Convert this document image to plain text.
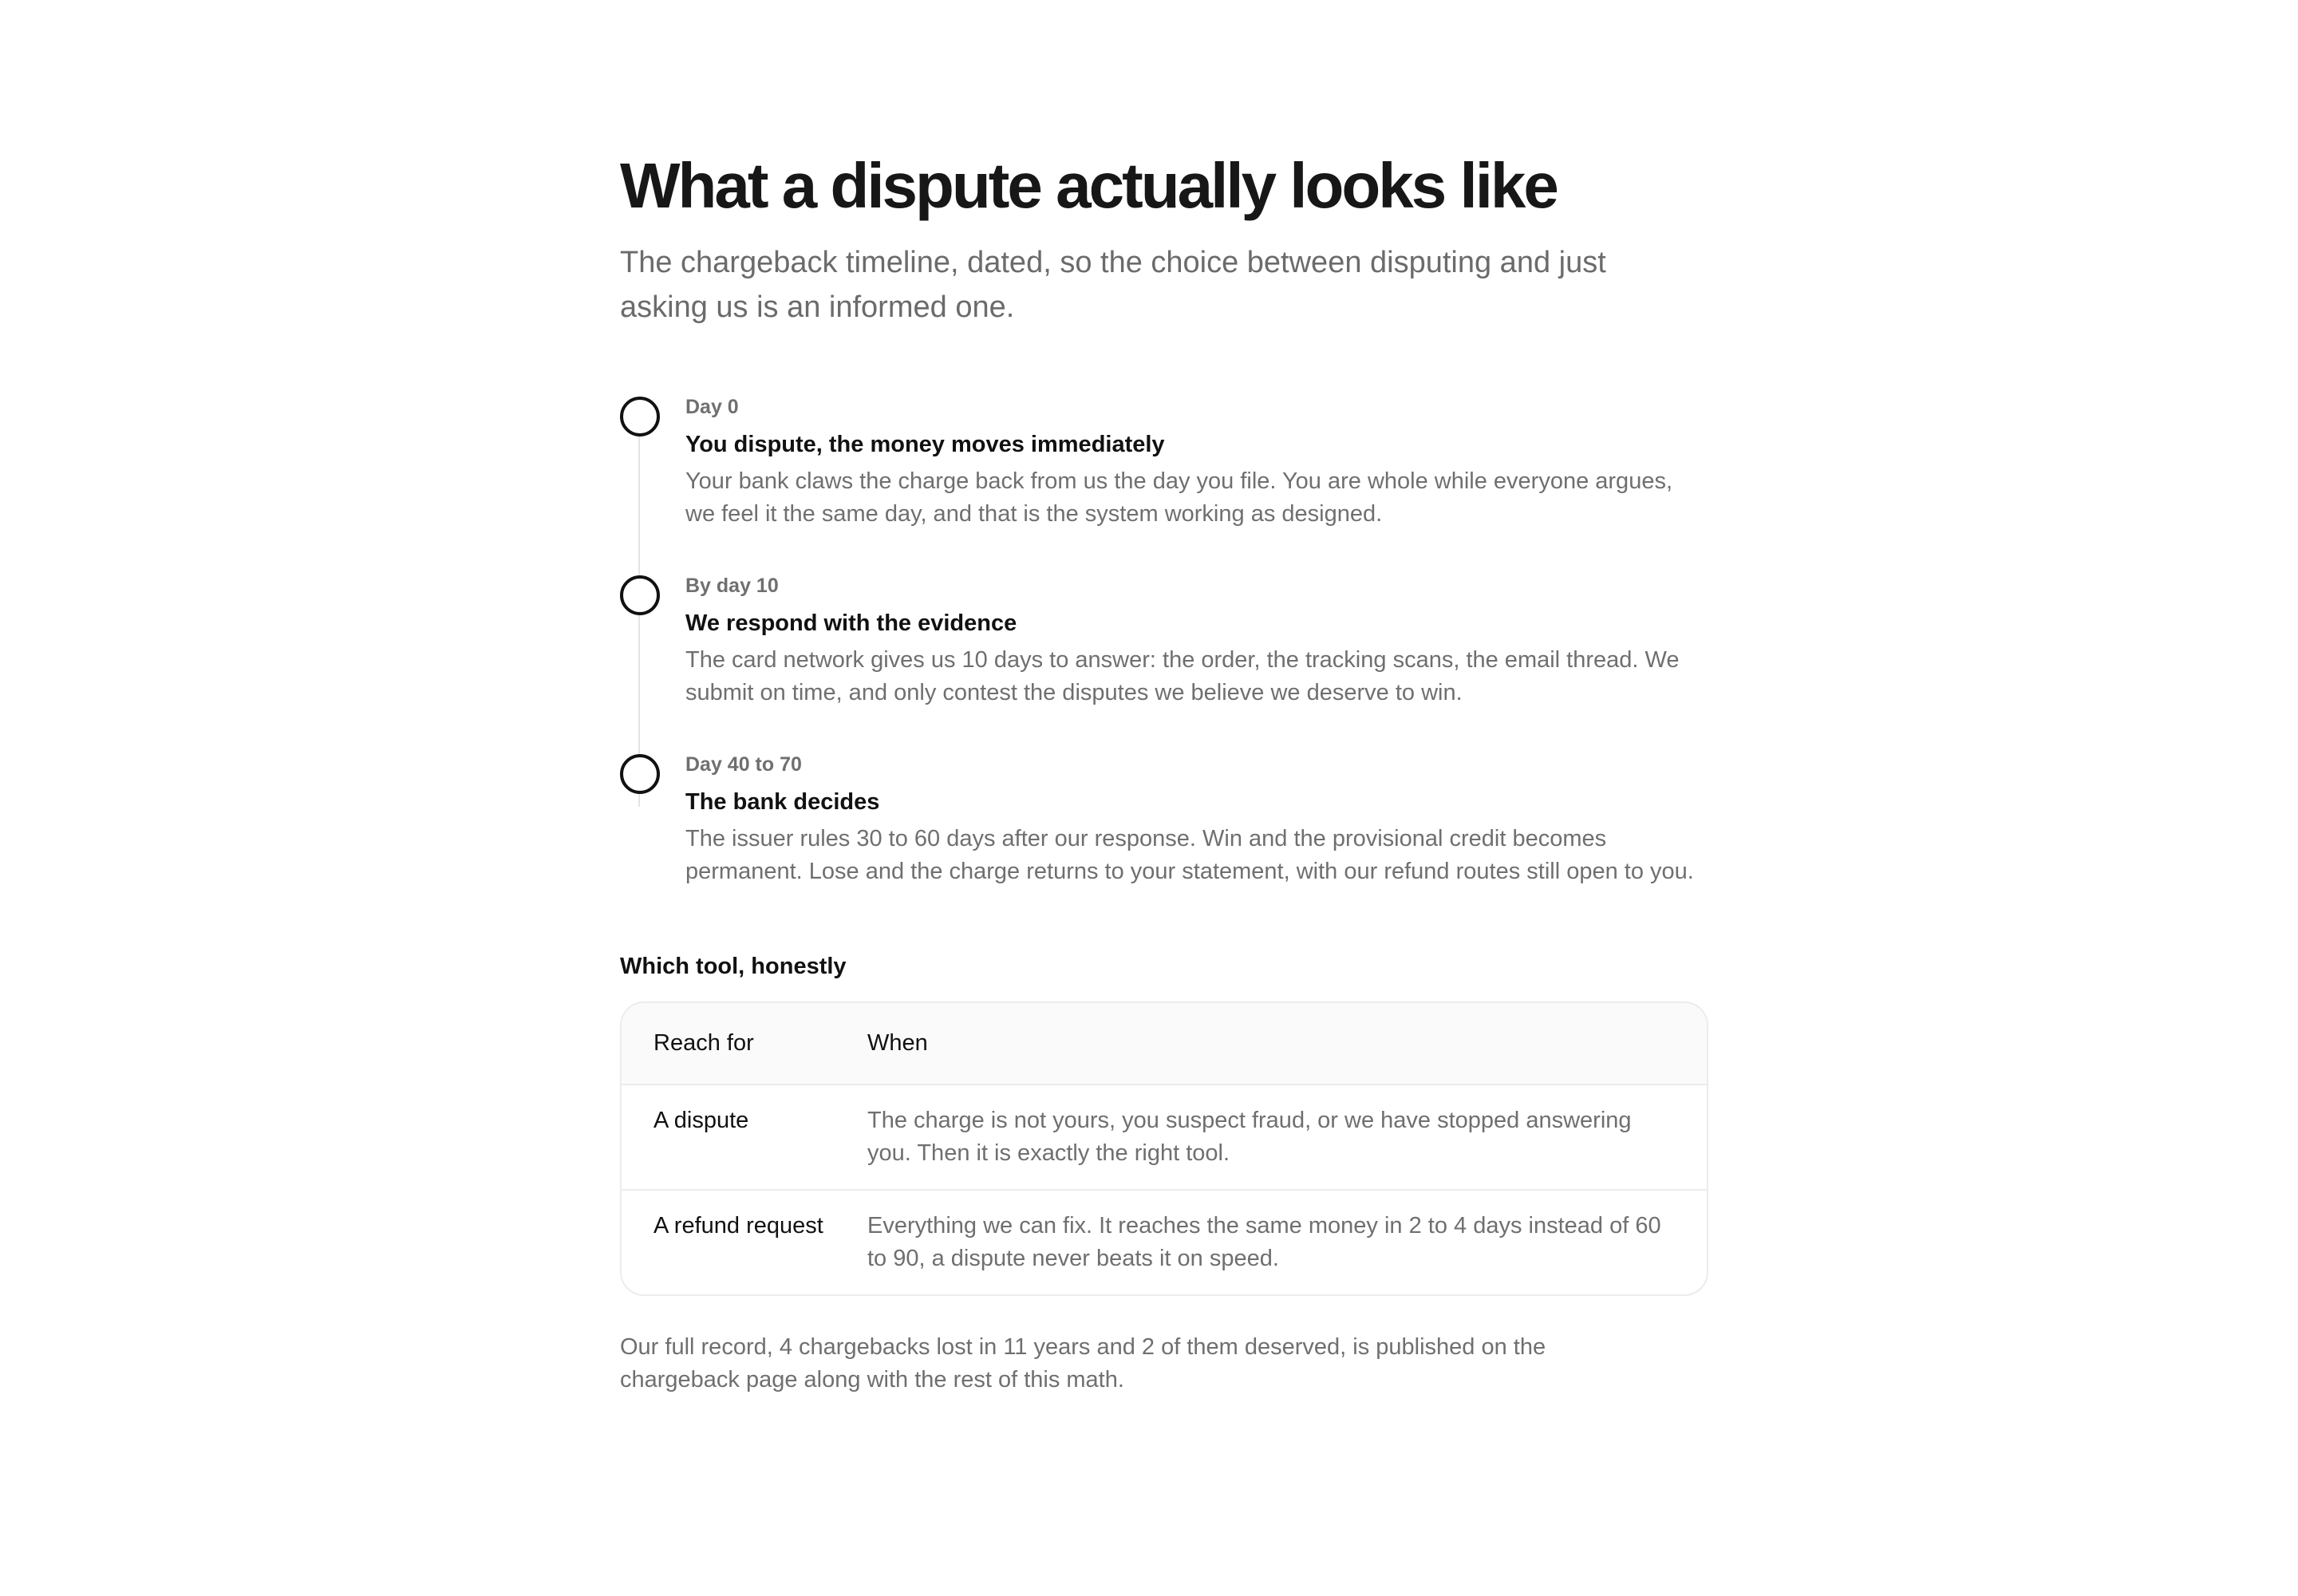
What a dispute actually looks like

The chargeback timeline, dated, so the choice between disputing and just asking us is an informed one.

Day 0
You dispute, the money moves immediately
Your bank claws the charge back from us the day you file. You are whole while everyone argues, we feel it the same day, and that is the system working as designed.
By day 10
We respond with the evidence
The card network gives us 10 days to answer: the order, the tracking scans, the email thread. We submit on time, and only contest the disputes we believe we deserve to win.
Day 40 to 70
The bank decides
The issuer rules 30 to 60 days after our response. Win and the provisional credit becomes permanent. Lose and the charge returns to your statement, with our refund routes still open to you.
Which tool, honestly
Reach for	When
A dispute	The charge is not yours, you suspect fraud, or we have stopped answering you. Then it is exactly the right tool.
A refund request	Everything we can fix. It reaches the same money in 2 to 4 days instead of 60 to 90, a dispute never beats it on speed.

Our full record, 4 chargebacks lost in 11 years and 2 of them deserved, is published on the chargeback page along with the rest of this math.
